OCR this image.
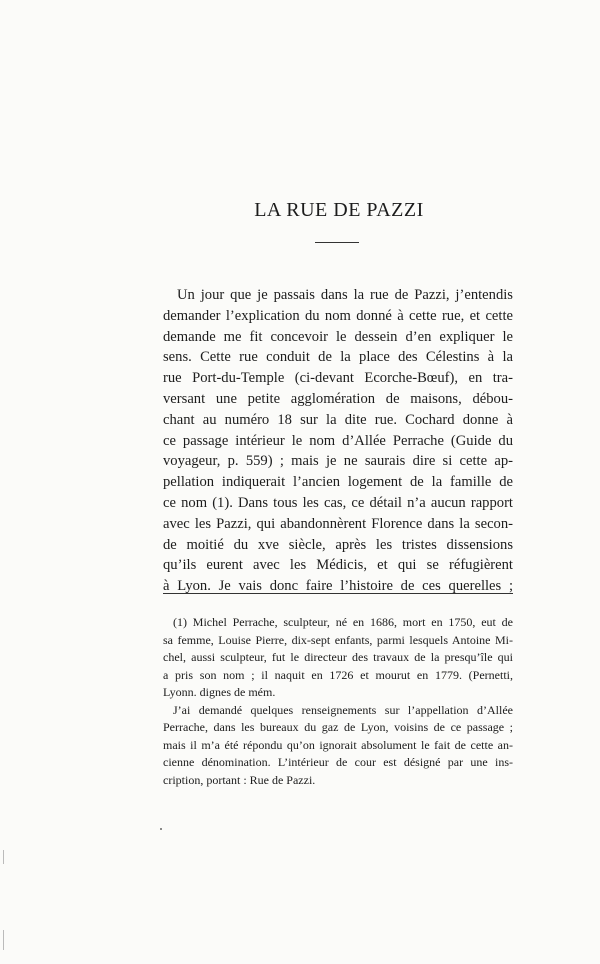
LA RUE DE PAZZI

Un jour que je passais dans la rue de Pazzi, j’entendis
demander l’explication du nom donné à cette rue, et cette
demande me fit concevoir le dessein d’en expliquer le
sens. Cette rue conduit de la place des Célestins à la
rue Port-du-Temple (ci-devant Ecorche-Bœuf), en tra-
versant une petite agglomération de maisons, débou-
chant au numéro 18 sur la dite rue. Cochard donne à
ce passage intérieur le nom d’Allée Perrache (Guide du
voyageur, p. 559) ; mais je ne saurais dire si cette ap-
pellation indiquerait l’ancien logement de la famille de
ce nom (1). Dans tous les cas, ce détail n’a aucun rapport
avec les Pazzi, qui abandonnèrent Florence dans la secon-
de moitié du xve siècle, après les tristes dissensions
qu’ils eurent avec les Médicis, et qui se réfugièrent
à Lyon. Je vais donc faire l’histoire de ces querelles ;

(1) Michel Perrache, sculpteur, né en 1686, mort en 1750, eut de
sa femme, Louise Pierre, dix-sept enfants, parmi lesquels Antoine Mi-
chel, aussi sculpteur, fut le directeur des travaux de la presqu’île qui
a pris son nom ; il naquit en 1726 et mourut en 1779. (Pernetti,
Lyonn. dignes de mém.
J’ai demandé quelques renseignements sur l’appellation d’Allée
Perrache, dans les bureaux du gaz de Lyon, voisins de ce passage ;
mais il m’a été répondu qu’on ignorait absolument le fait de cette an-
cienne dénomination. L’intérieur de cour est désigné par une ins-
cription, portant : Rue de Pazzi.
